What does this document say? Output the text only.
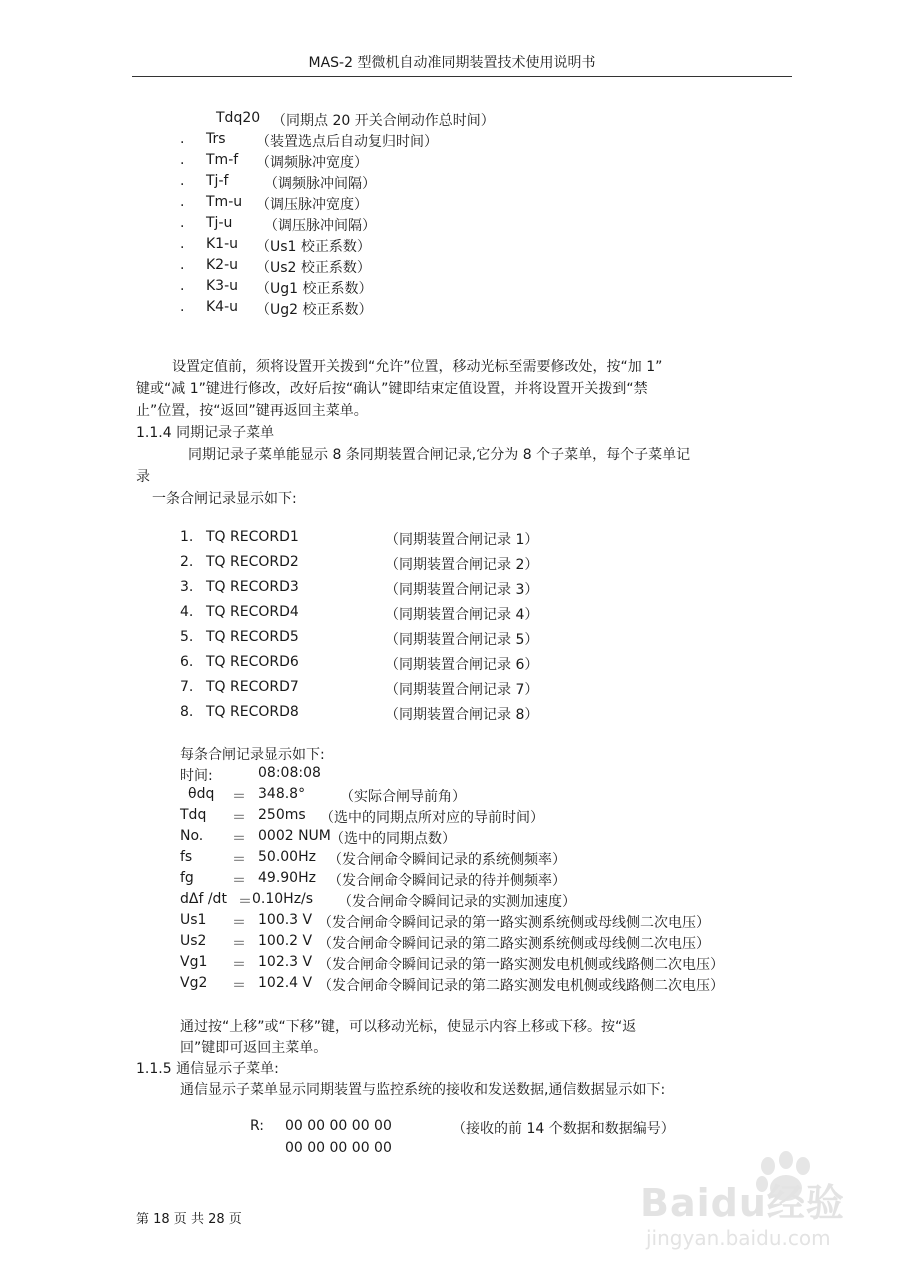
MAS-2 型微机自动准同期装置技术使用说明书
Tdq20 （同期点 20 开关合闸动作总时间）
. Trs （装置选点后自动复归时间）
. Tm-f （调频脉冲宽度）
. Tj-f	（调频脉冲间隔）
. Tm-u （调压脉冲宽度）
. Tj-u （调压脉冲间隔）
. K1-u （Us1 校正系数）
. K2-u （Us2 校正系数）
. K3-u （Ug1 校正系数）
. K4-u （Ug2 校正系数）
设置定值前，须将设置开关拨到“允许”位置，移动光标至需要修改处，按“加 1”
键或“减 1”键进行修改，改好后按“确认”键即结束定值设置，并将设置开关拨到“禁
止”位置，按“返回”键再返回主菜单。
1.1.4 同期记录子菜单
同期记录子菜单能显示 8 条同期装置合闸记录,它分为 8 个子菜单，每个子菜单记
录
一条合闸记录显示如下:
1. TQ RECORD1	（同期装置合闸记录 1）
2. TQ RECORD2	（同期装置合闸记录 2）
3. TQ RECORD3	（同期装置合闸记录 3）
4. TQ RECORD4	（同期装置合闸记录 4）
5. TQ RECORD5	（同期装置合闸记录 5）
6. TQ RECORD6	（同期装置合闸记录 6）
7. TQ RECORD7	（同期装置合闸记录 7）
8. TQ RECORD8	（同期装置合闸记录 8）
每条合闸记录显示如下:
时间:	08:08:08
θdq ＝ 348.8° （实际合闸导前角）
Tdq ＝ 250ms （选中的同期点所对应的导前时间）
No. ＝ 0002 NUM （选中的同期点数）
fs	＝ 50.00Hz （发合闸命令瞬间记录的系统侧频率）
fg	＝ 49.90Hz （发合闸命令瞬间记录的待并侧频率）
dΔf /dt ＝ 0.10Hz/s （发合闸命令瞬间记录的实测加速度）
Us1 ＝ 100.3 V （发合闸命令瞬间记录的第一路实测系统侧或母线侧二次电压）
Us2 ＝ 100.2 V （发合闸命令瞬间记录的第二路实测系统侧或母线侧二次电压）
Vg1 ＝ 102.3 V （发合闸命令瞬间记录的第一路实测发电机侧或线路侧二次电压）
Vg2 ＝ 102.4 V （发合闸命令瞬间记录的第二路实测发电机侧或线路侧二次电压）
通过按“上移”或“下移”键，可以移动光标，使显示内容上移或下移。按“返
回”键即可返回主菜单。
1.1.5 通信显示子菜单:
通信显示子菜单显示同期装置与监控系统的接收和发送数据,通信数据显示如下:
R: 00 00 00 00 00	（接收的前 14 个数据和数据编号）
00 00 00 00 00
第 18 页 共 28 页	Baidu经验
jingyan.baidu.com
